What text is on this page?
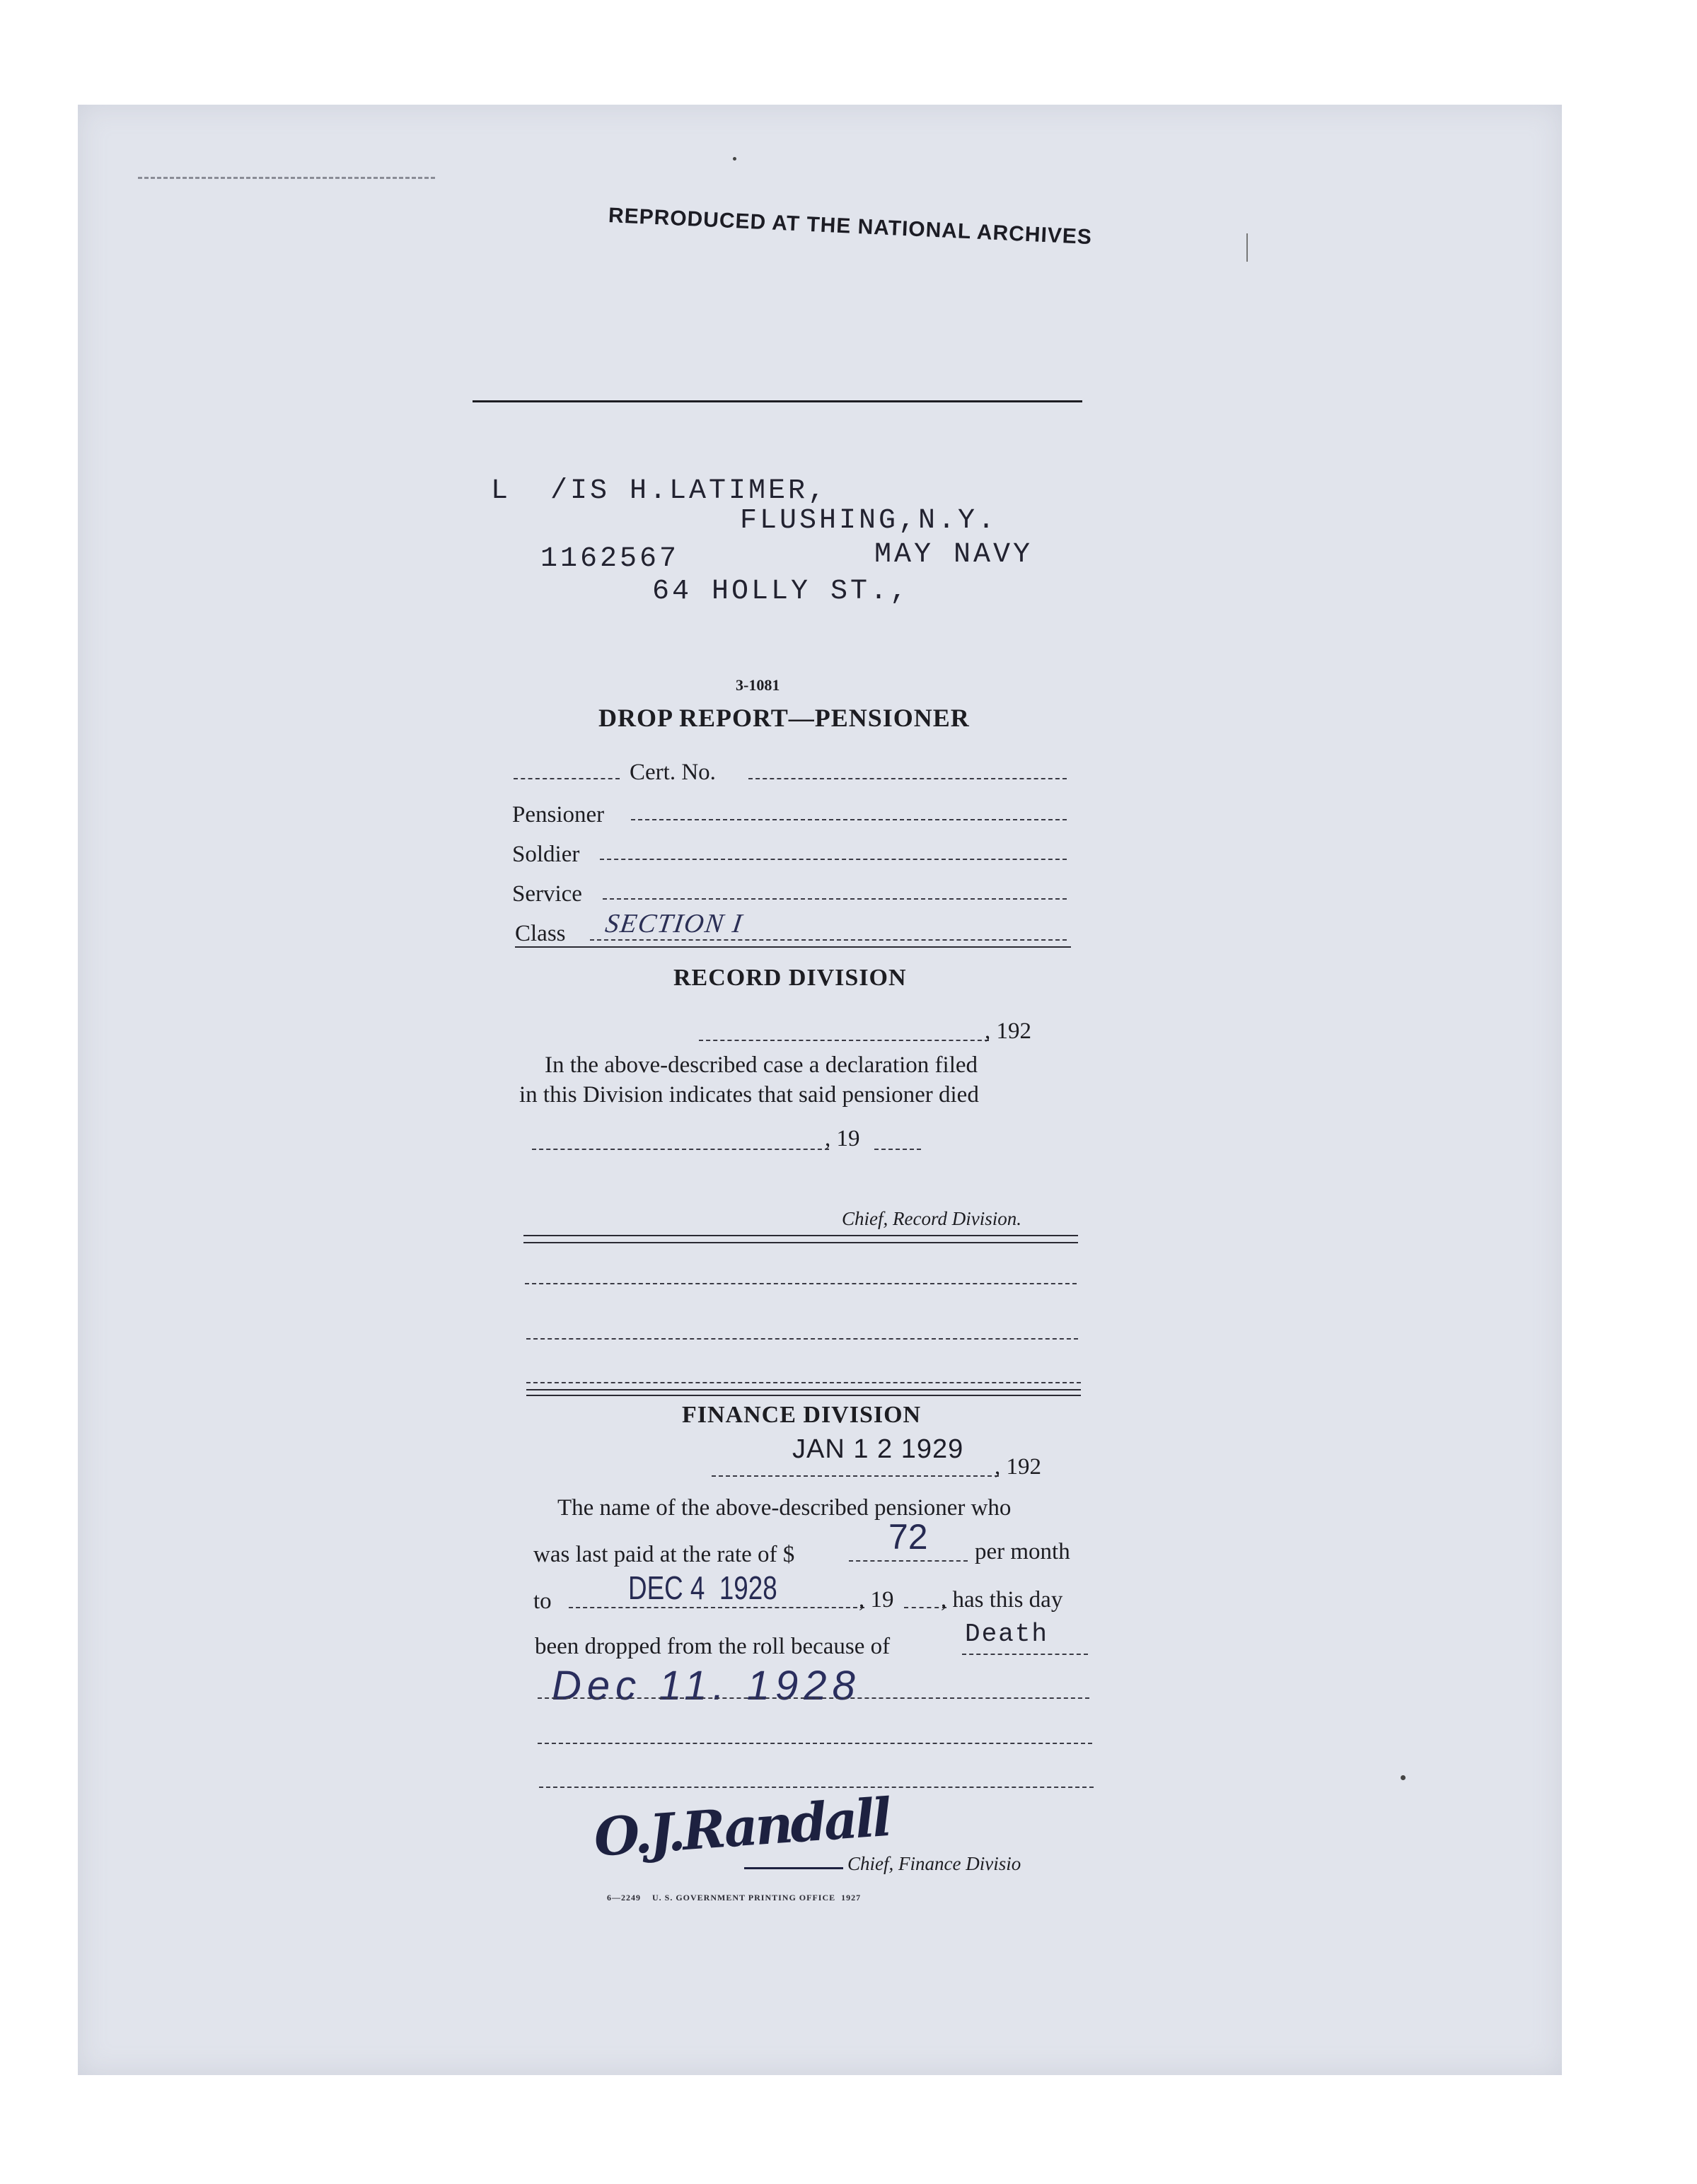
REPRODUCED AT THE NATIONAL ARCHIVES
L  /IS H.LATIMER,
FLUSHING,N.Y.
1162567	MAY NAVY
64 HOLLY ST.,
3-1081
DROP REPORT—PENSIONER
Cert. No.
Pensioner
Soldier
Service
Class SECTION I
RECORD DIVISION
, 192
In the above-described case a declaration filed
in this Division indicates that said pensioner died
, 19
Chief, Record Division.
FINANCE DIVISION
JAN 1 2 1929
, 192
The name of the above-described pensioner who
was last paid at the rate of $	72 per month
to DEC 4  1928	, 19 , has this day
been dropped from the roll because of	Death
Dec 11. 1928
O.J.Randall
Chief, Finance Divisio
6—2249    U. S. GOVERNMENT PRINTING OFFICE  1927
